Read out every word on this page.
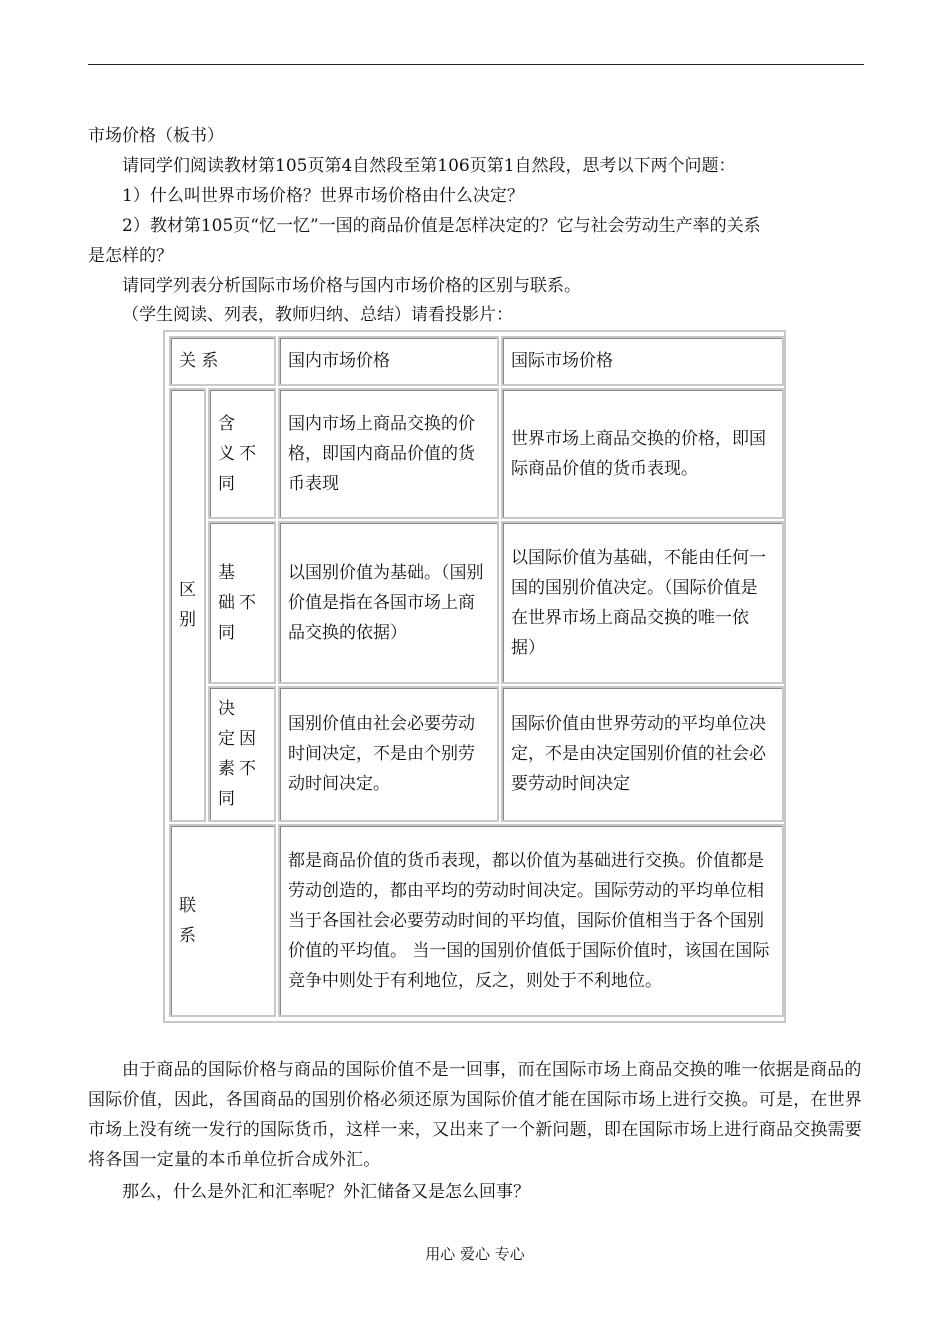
市场价格（板书）
请同学们阅读教材第105页第4自然段至第106页第1自然段，思考以下两个问题：
1）什么叫世界市场价格？世界市场价格由什么决定？
2）教材第105页“忆一忆”一国的商品价值是怎样决定的？它与社会劳动生产率的关系
是怎样的？
请同学列表分析国际市场价格与国内市场价格的区别与联系。
（学生阅读、列表，教师归纳、总结）请看投影片：
关 系	国内市场价格	国际市场价格
区别
含 义不同
国内市场上商品交换的价格，即国内商品价值的货币表现
世界市场上商品交换的价格，即国际商品价值的货币表现。
基 础不同
以国别价值为基础。（国别价值是指在各国市场上商品交换的依据）
以国际价值为基础，不能由任何一国的国别价值决定。（国际价值是在世界市场上商品交换的唯一依据）
决 定因 素不同
国别价值由社会必要劳动时间决定，不是由个别劳动时间决定。
国际价值由世界劳动的平均单位决定，不是由决定国别价值的社会必要劳动时间决定
联系
都是商品价值的货币表现，都以价值为基础进行交换。价值都是劳动创造的，都由平均的劳动时间决定。国际劳动的平均单位相当于各国社会必要劳动时间的平均值，国际价值相当于各个国别价值的平均值。 当一国的国别价值低于国际价值时，该国在国际竞争中则处于有利地位，反之，则处于不利地位。
由于商品的国际价格与商品的国际价值不是一回事，而在国际市场上商品交换的唯一依据是商品的国际价值，因此，各国商品的国别价格必须还原为国际价值才能在国际市场上进行交换。可是，在世界市场上没有统一发行的国际货币，这样一来，又出来了一个新问题，即在国际市场上进行商品交换需要将各国一定量的本币单位折合成外汇。
那么，什么是外汇和汇率呢？外汇储备又是怎么回事？
用心 爱心 专心
